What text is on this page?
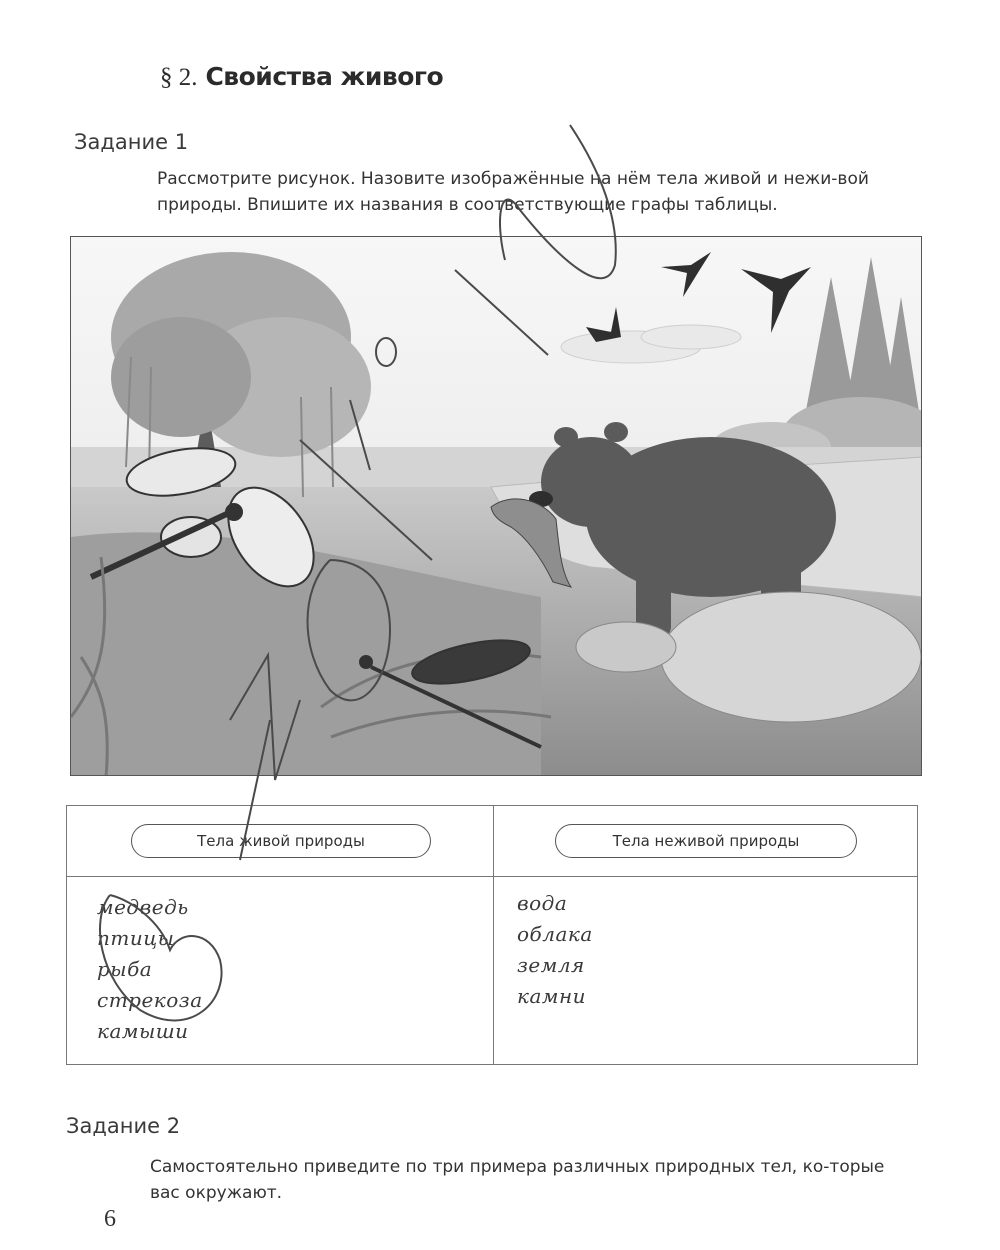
§ 2. Свойства живого
Задание 1

Рассмотрите рисунок. Назовите изображённые на нём тела живой и нежи-вой природы. Впишите их названия в соответствующие графы таблицы.

Тела живой природы	Тела неживой природы
медведь
птицы
рыба
стрекоза
камыши
вода
облака
земля
камни
Задание 2

Самостоятельно приведите по три примера различных природных тел, ко-торые вас окружают.

6
